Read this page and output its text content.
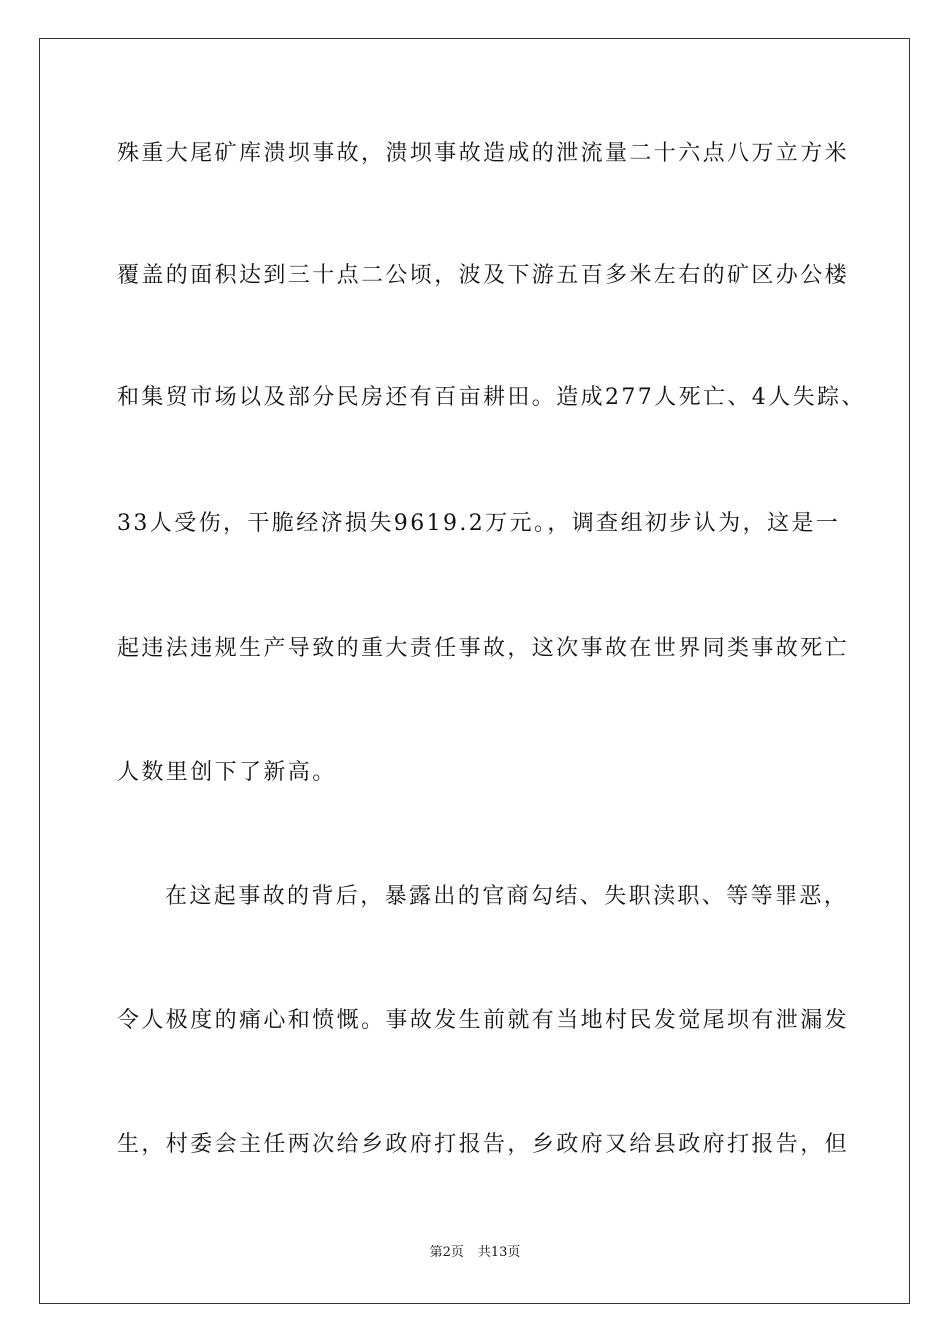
殊重大尾矿库溃坝事故，溃坝事故造成的泄流量二十六点八万立方米
覆盖的面积达到三十点二公顷，波及下游五百多米左右的矿区办公楼
和集贸市场以及部分民房还有百亩耕田。造成277人死亡、4人失踪、
33人受伤，干脆经济损失9619.2万元。，调查组初步认为，这是一
起违法违规生产导致的重大责任事故，这次事故在世界同类事故死亡
人数里创下了新高。
在这起事故的背后，暴露出的官商勾结、失职渎职、等等罪恶，
令人极度的痛心和愤慨。事故发生前就有当地村民发觉尾坝有泄漏发
生，村委会主任两次给乡政府打报告，乡政府又给县政府打报告，但
第2页 共13页
